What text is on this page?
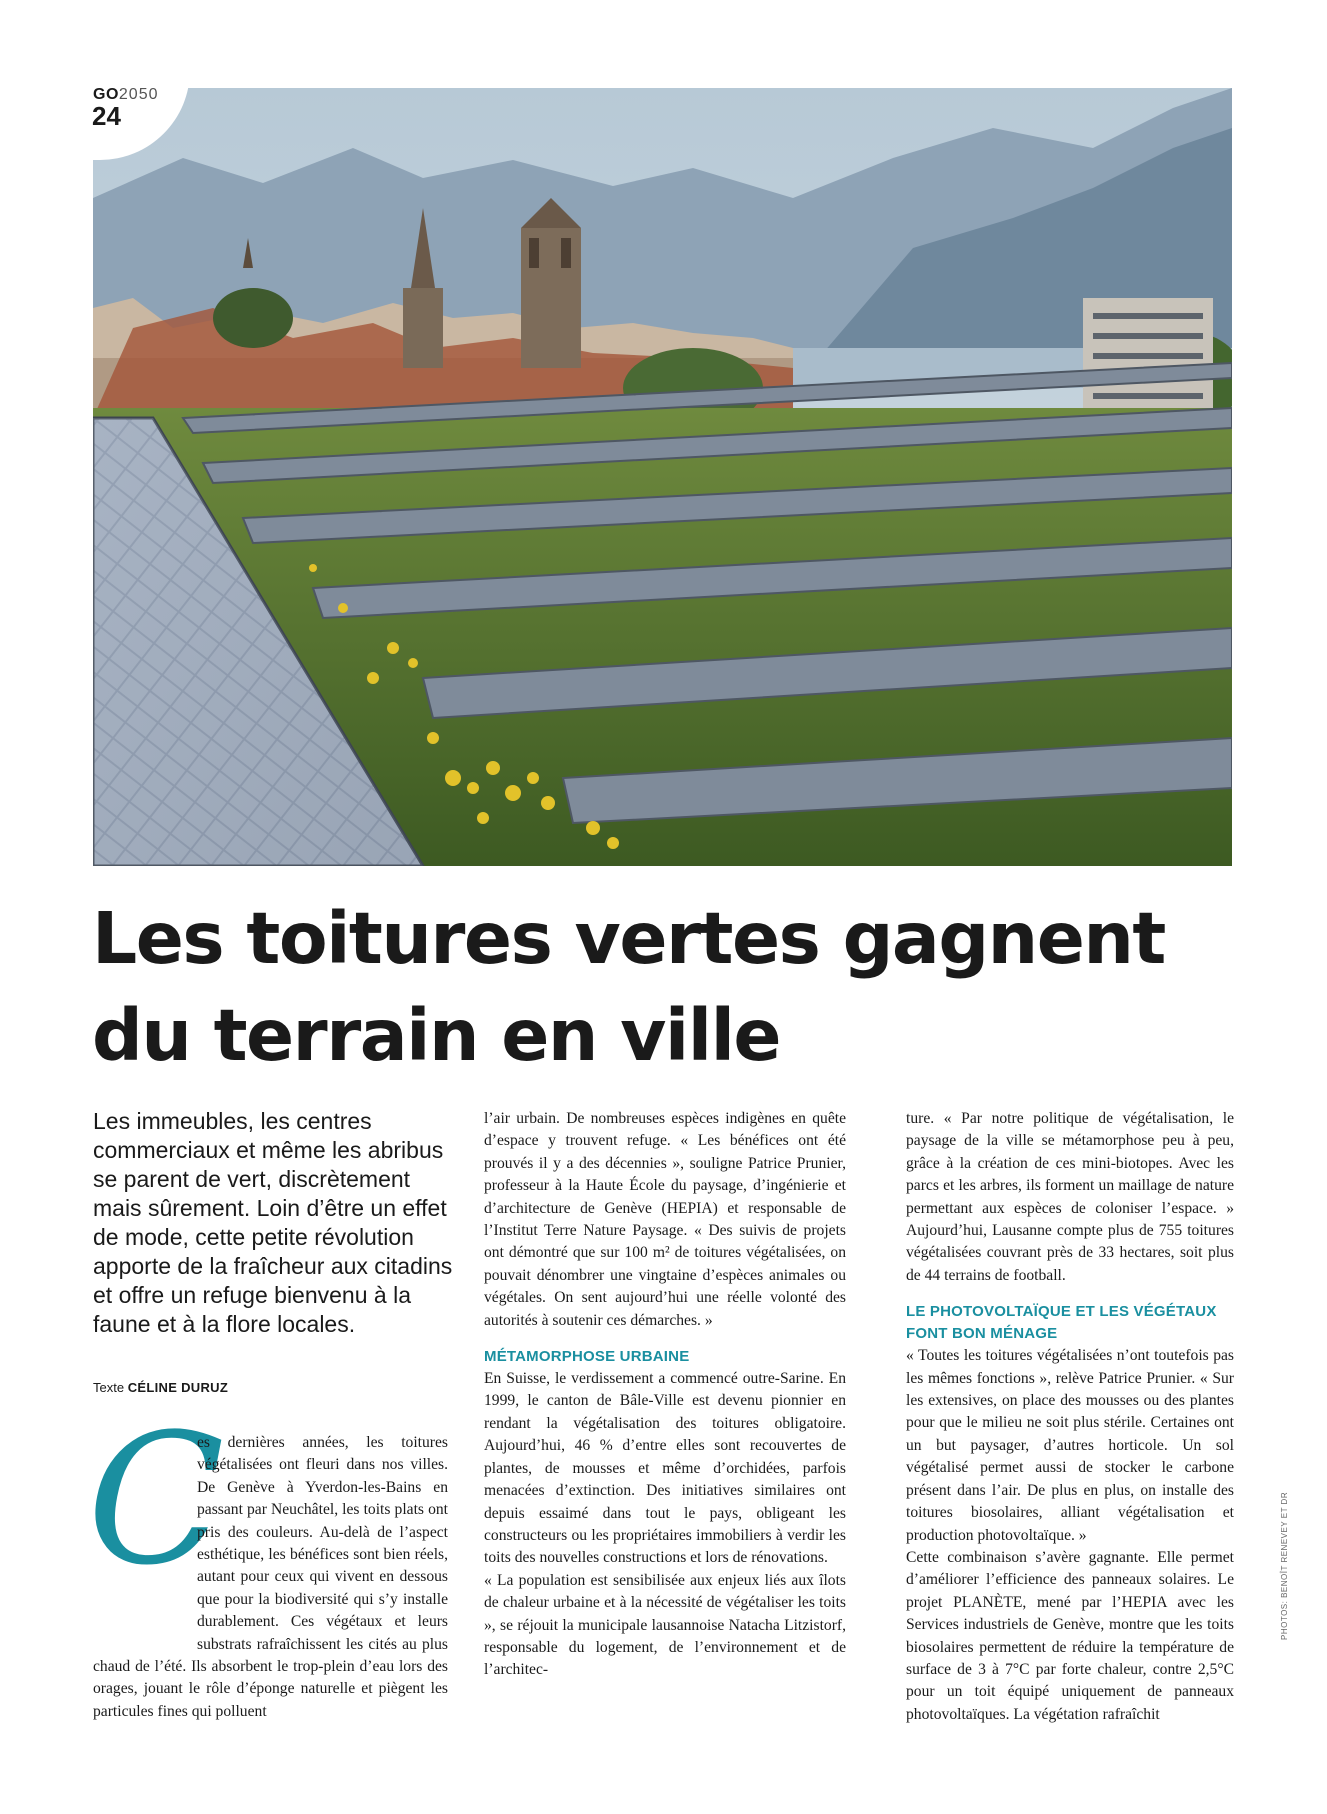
GO2050
24
Les toitures vertes gagnent du terrain en ville

Les immeubles, les centres commerciaux et même les abribus se parent de vert, discrètement mais sûrement. Loin d’être un effet de mode, cette petite révolution apporte de la fraîcheur aux citadins et offre un refuge bienvenu à la faune et à la flore locales.

Texte CÉLINE DURUZ

C

es dernières années, les toitures végétalisées ont fleuri dans nos villes. De Genève à Yverdon-les-Bains en passant par Neuchâtel, les toits plats ont pris des couleurs. Au-delà de l’aspect esthétique, les bénéfices sont bien réels, autant pour ceux qui vivent en dessous que pour la biodiversité qui s’y installe durablement. Ces végétaux et leurs substrats rafraîchissent les cités au plus chaud de l’été. Ils absorbent le trop-plein d’eau lors des orages, jouant le rôle d’éponge naturelle et piègent les particules fines qui polluent

l’air urbain. De nombreuses espèces indigènes en quête d’espace y trouvent refuge. « Les bénéfices ont été prouvés il y a des décennies », souligne Patrice Prunier, professeur à la Haute École du paysage, d’ingénierie et d’architecture de Genève (HEPIA) et responsable de l’Institut Terre Nature Paysage. « Des suivis de projets ont démontré que sur 100 m² de toitures végétalisées, on pouvait dénombrer une vingtaine d’espèces animales ou végétales. On sent aujourd’hui une réelle volonté des autorités à soutenir ces démarches. »

MÉTAMORPHOSE URBAINE

En Suisse, le verdissement a commencé outre-Sarine. En 1999, le canton de Bâle-Ville est devenu pionnier en rendant la végétalisation des toitures obligatoire. Aujourd’hui, 46 % d’entre elles sont recouvertes de plantes, de mousses et même d’orchidées, parfois menacées d’extinction. Des initiatives similaires ont depuis essaimé dans tout le pays, obligeant les constructeurs ou les propriétaires immobiliers à verdir les toits des nouvelles constructions et lors de rénovations.

« La population est sensibilisée aux enjeux liés aux îlots de chaleur urbaine et à la nécessité de végétaliser les toits », se réjouit la municipale lausannoise Natacha Litzistorf, responsable du logement, de l’environnement et de l’architec-

ture. « Par notre politique de végétalisation, le paysage de la ville se métamorphose peu à peu, grâce à la création de ces mini-biotopes. Avec les parcs et les arbres, ils forment un maillage de nature permettant aux espèces de coloniser l’espace. » Aujourd’hui, Lausanne compte plus de 755 toitures végétalisées couvrant près de 33 hectares, soit plus de 44 terrains de football.

LE PHOTOVOLTAÏQUE ET LES VÉGÉTAUX FONT BON MÉNAGE

« Toutes les toitures végétalisées n’ont toutefois pas les mêmes fonctions », relève Patrice Prunier. « Sur les extensives, on place des mousses ou des plantes pour que le milieu ne soit plus stérile. Certaines ont un but paysager, d’autres horticole. Un sol végétalisé permet aussi de stocker le carbone présent dans l’air. De plus en plus, on installe des toitures biosolaires, alliant végétalisation et production photovoltaïque. »

Cette combinaison s’avère gagnante. Elle permet d’améliorer l’efficience des panneaux solaires. Le projet PLANÈTE, mené par l’HEPIA avec les Services industriels de Genève, montre que les toits biosolaires permettent de réduire la température de surface de 3 à 7°C par forte chaleur, contre 2,5°C pour un toit équipé uniquement de panneaux photovoltaïques. La végétation rafraîchit

PHOTOS: BENOÎT RENEVEY ET DR
